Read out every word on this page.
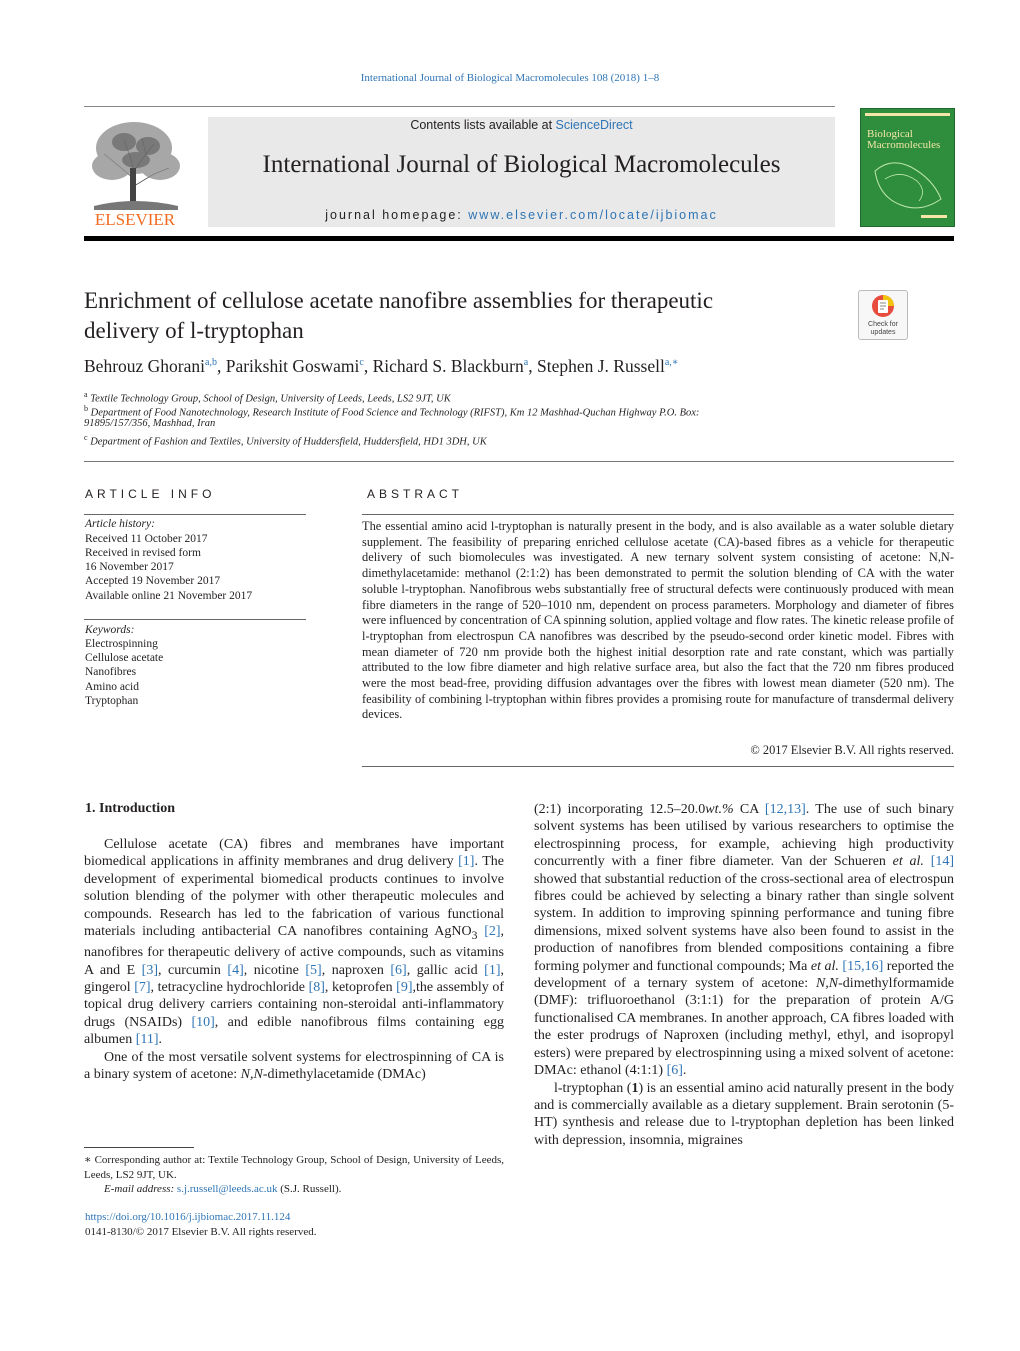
International Journal of Biological Macromolecules 108 (2018) 1–8
ELSEVIER
Contents lists available at ScienceDirect
International Journal of Biological Macromolecules
journal homepage: www.elsevier.com/locate/ijbiomac
Biological Macromolecules
Enrichment of cellulose acetate nanofibre assemblies for therapeutic
delivery of l-tryptophan	Check for updates
Behrouz Ghorani$^{a,b}$, Parikshit Goswami$^c$, Richard S. Blackburn$^a$, Stephen J. Russell$^{a,∗}$
$^a$ Textile Technology Group, School of Design, University of Leeds, Leeds, LS2 9JT, UK
$^b$ Department of Food Nanotechnology, Research Institute of Food Science and Technology (RIFST), Km 12 Mashhad-Quchan Highway P.O. Box:
91895/157/356, Mashhad, Iran
$^c$ Department of Fashion and Textiles, University of Huddersfield, Huddersfield, HD1 3DH, UK
ARTICLE INFO	ABSTRACT
Article history:
Received 11 October 2017
Received in revised form
16 November 2017
Accepted 19 November 2017
Available online 21 November 2017
Keywords:
Electrospinning
Cellulose acetate
Nanofibres
Amino acid
Tryptophan
The essential amino acid l-tryptophan is naturally present in the body, and is also available as a water soluble dietary supplement. The feasibility of preparing enriched cellulose acetate (CA)-based fibres as a vehicle for therapeutic delivery of such biomolecules was investigated. A new ternary solvent system consisting of acetone: N,N-dimethylacetamide: methanol (2:1:2) has been demonstrated to permit the solution blending of CA with the water soluble l-tryptophan. Nanofibrous webs substantially free of structural defects were continuously produced with mean fibre diameters in the range of 520–1010 nm, dependent on process parameters. Morphology and diameter of fibres were influenced by concentration of CA spinning solution, applied voltage and flow rates. The kinetic release profile of l-tryptophan from electrospun CA nanofibres was described by the pseudo-second order kinetic model. Fibres with mean diameter of 720 nm provide both the highest initial desorption rate and rate constant, which was partially attributed to the low fibre diameter and high relative surface area, but also the fact that the 720 nm fibres produced were the most bead-free, providing diffusion advantages over the fibres with lowest mean diameter (520 nm). The feasibility of combining l-tryptophan within fibres provides a promising route for manufacture of transdermal delivery devices.
© 2017 Elsevier B.V. All rights reserved.
1. Introduction

Cellulose acetate (CA) fibres and membranes have important biomedical applications in affinity membranes and drug delivery [1]. The development of experimental biomedical products continues to involve solution blending of the polymer with other therapeutic molecules and compounds. Research has led to the fabrication of various functional materials including antibacterial CA nanofibres containing AgNO$_3$ [2], nanofibres for therapeutic delivery of active compounds, such as vitamins A and E [3], curcumin [4], nicotine [5], naproxen [6], gallic acid [1], gingerol [7], tetracycline hydrochloride [8], ketoprofen [9],the assembly of topical drug delivery carriers containing non-steroidal anti-inflammatory drugs (NSAIDs) [10], and edible nanofibrous films containing egg albumen [11].

One of the most versatile solvent systems for electrospinning of CA is a binary system of acetone: N,N-dimethylacetamide (DMAc)

(2:1) incorporating 12.5–20.0wt.% CA [12,13]. The use of such binary solvent systems has been utilised by various researchers to optimise the electrospinning process, for example, achieving high productivity concurrently with a finer fibre diameter. Van der Schueren et al. [14] showed that substantial reduction of the cross-sectional area of electrospun fibres could be achieved by selecting a binary rather than single solvent system. In addition to improving spinning performance and tuning fibre dimensions, mixed solvent systems have also been found to assist in the production of nanofibres from blended compositions containing a fibre forming polymer and functional compounds; Ma et al. [15,16] reported the development of a ternary system of acetone: N,N-dimethylformamide (DMF): trifluoroethanol (3:1:1) for the preparation of protein A/G functionalised CA membranes. In another approach, CA fibres loaded with the ester prodrugs of Naproxen (including methyl, ethyl, and isopropyl esters) were prepared by electrospinning using a mixed solvent of acetone: DMAc: ethanol (4:1:1) [6].

l-tryptophan (1) is an essential amino acid naturally present in the body and is commercially available as a dietary supplement. Brain serotonin (5-HT) synthesis and release due to l-tryptophan depletion has been linked with depression, insomnia, migraines

∗ Corresponding author at: Textile Technology Group, School of Design, University of Leeds, Leeds, LS2 9JT, UK.

E-mail address: s.j.russell@leeds.ac.uk (S.J. Russell).

https://doi.org/10.1016/j.ijbiomac.2017.11.124
0141-8130/© 2017 Elsevier B.V. All rights reserved.
